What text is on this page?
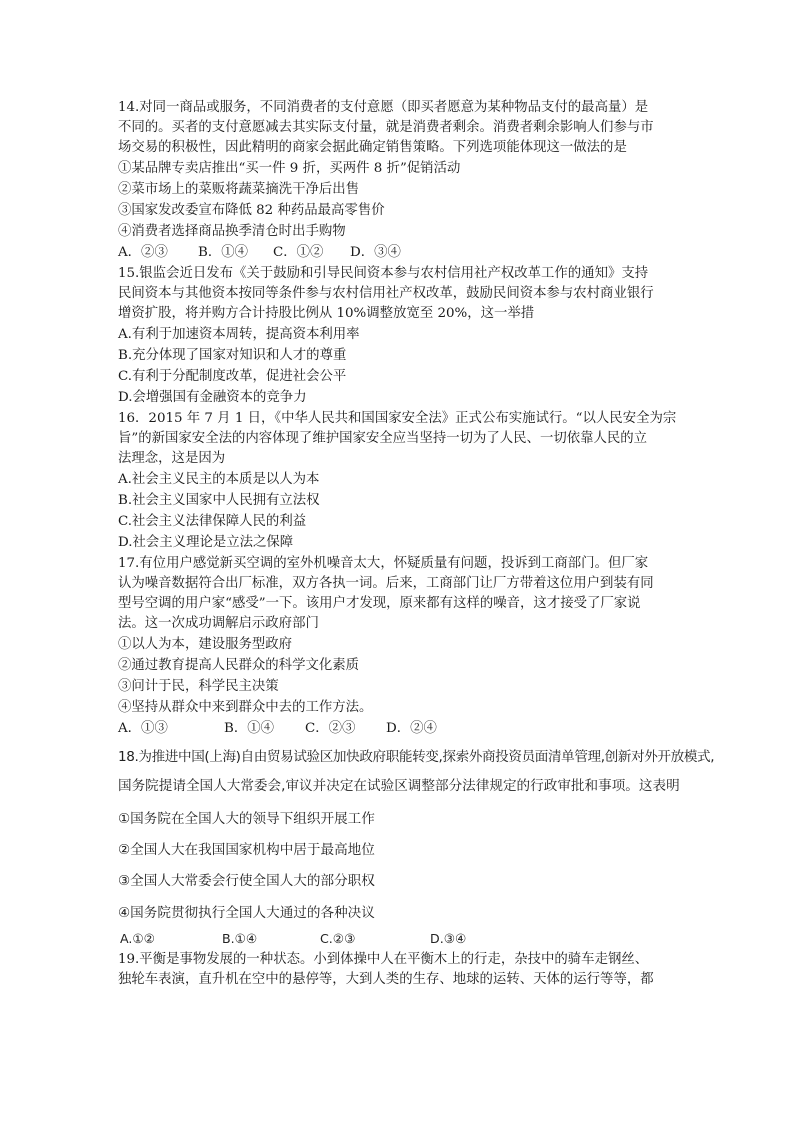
14.对同一商品或服务，不同消费者的支付意愿（即买者愿意为某种物品支付的最高量）是
不同的。买者的支付意愿减去其实际支付量，就是消费者剩余。消费者剩余影响人们参与市
场交易的积极性，因此精明的商家会据此确定销售策略。下列选项能体现这一做法的是
①某品牌专卖店推出“买一件 9 折，买两件 8 折”促销活动
②菜市场上的菜贩将蔬菜摘洗干净后出售
③国家发改委宣布降低 82 种药品最高零售价
④消费者选择商品换季清仓时出手购物
A．②③ B．①④ C．①② D．③④
15.银监会近日发布《关于鼓励和引导民间资本参与农村信用社产权改革工作的通知》支持
民间资本与其他资本按同等条件参与农村信用社产权改革，鼓励民间资本参与农村商业银行
增资扩股，将并购方合计持股比例从 10%调整放宽至 20%，这一举措
A.有利于加速资本周转，提高资本利用率
B.充分体现了国家对知识和人才的尊重
C.有利于分配制度改革，促进社会公平
D.会增强国有金融资本的竞争力
16．2015 年 7 月 1 日，《中华人民共和国国家安全法》正式公布实施试行。“以人民安全为宗
旨”的新国家安全法的内容体现了维护国家安全应当坚持一切为了人民、一切依靠人民的立
法理念，这是因为
A.社会主义民主的本质是以人为本
B.社会主义国家中人民拥有立法权
C.社会主义法律保障人民的利益
D.社会主义理论是立法之保障
17.有位用户感觉新买空调的室外机噪音太大，怀疑质量有问题，投诉到工商部门。但厂家
认为噪音数据符合出厂标准，双方各执一词。后来，工商部门让厂方带着这位用户到装有同
型号空调的用户家“感受”一下。该用户才发现，原来都有这样的噪音，这才接受了厂家说
法。这一次成功调解启示政府部门
①以人为本，建设服务型政府
②通过教育提高人民群众的科学文化素质
③问计于民，科学民主决策
④坚持从群众中来到群众中去的工作方法。
A．①③	B．①④ C．②③ D．②④
18.为推进中国(上海)自由贸易试验区加快政府职能转变,探索外商投资员面清单管理,创新对外开放模式,
国务院提请全国人大常委会,审议并决定在试验区调整部分法律规定的行政审批和事项。这表明
①国务院在全国人大的领导下组织开展工作
②全国人大在我国国家机构中居于最高地位
③全国人大常委会行使全国人大的部分职权
④国务院贯彻执行全国人大通过的各种决议
A.①②	B.①④	C.②③	D.③④
19.平衡是事物发展的一种状态。小到体操中人在平衡木上的行走，杂技中的骑车走钢丝、
独轮车表演，直升机在空中的悬停等，大到人类的生存、地球的运转、天体的运行等等，都
